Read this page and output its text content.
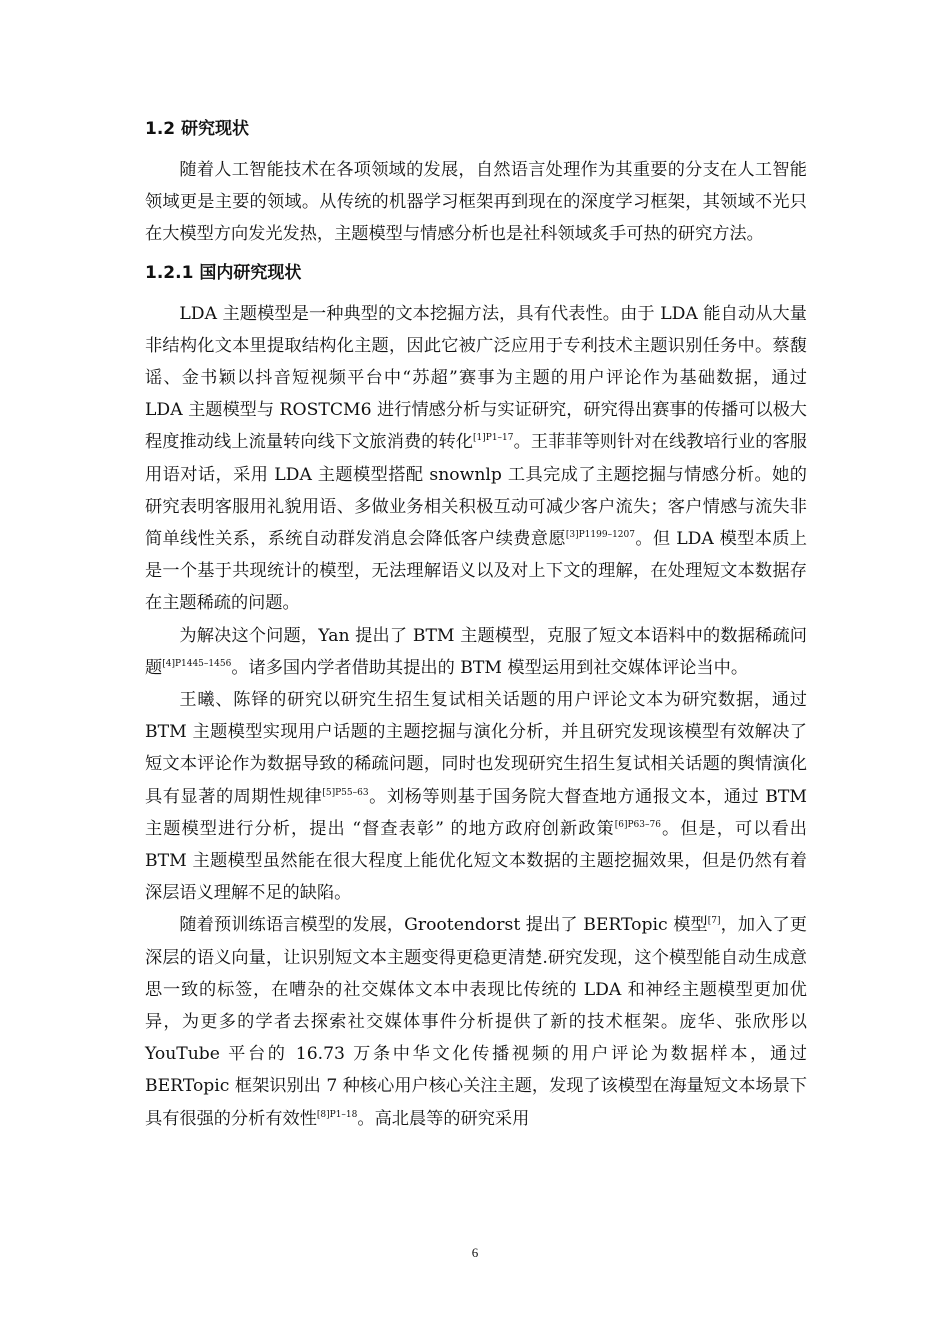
1.2 研究现状

随着人工智能技术在各项领域的发展，自然语言处理作为其重要的分支在人工智能领域更是主要的领域。从传统的机器学习框架再到现在的深度学习框架，其领域不光只在大模型方向发光发热，主题模型与情感分析也是社科领域炙手可热的研究方法。

1.2.1 国内研究现状

LDA 主题模型是一种典型的文本挖掘方法，具有代表性。由于 LDA 能自动从大量非结构化文本里提取结构化主题，因此它被广泛应用于专利技术主题识别任务中。蔡馥谣、金书颖以抖音短视频平台中“苏超”赛事为主题的用户评论作为基础数据，通过 LDA 主题模型与 ROSTCM6 进行情感分析与实证研究，研究得出赛事的传播可以极大程度推动线上流量转向线下文旅消费的转化$^{[1]P1-17}$。王菲菲等则针对在线教培行业的客服用语对话，采用 LDA 主题模型搭配 snownlp 工具完成了主题挖掘与情感分析。她的研究表明客服用礼貌用语、多做业务相关积极互动可减少客户流失；客户情感与流失非简单线性关系，系统自动群发消息会降低客户续费意愿$^{[3]P1199-1207}$。但 LDA 模型本质上是一个基于共现统计的模型，无法理解语义以及对上下文的理解，在处理短文本数据存在主题稀疏的问题。

为解决这个问题，Yan 提出了 BTM 主题模型，克服了短文本语料中的数据稀疏问题$^{[4]P1445-1456}$。诸多国内学者借助其提出的 BTM 模型运用到社交媒体评论当中。

王曦、陈铎的研究以研究生招生复试相关话题的用户评论文本为研究数据，通过 BTM 主题模型实现用户话题的主题挖掘与演化分析，并且研究发现该模型有效解决了短文本评论作为数据导致的稀疏问题，同时也发现研究生招生复试相关话题的舆情演化具有显著的周期性规律$^{[5]P55-63}$。刘杨等则基于国务院大督查地方通报文本，通过 BTM 主题模型进行分析，提出 “督查表彰” 的地方政府创新政策$^{[6]P63-76}$。但是，可以看出 BTM 主题模型虽然能在很大程度上能优化短文本数据的主题挖掘效果，但是仍然有着深层语义理解不足的缺陷。

随着预训练语言模型的发展，Grootendorst 提出了 BERTopic 模型[7]，加入了更深层的语义向量，让识别短文本主题变得更稳更清楚.研究发现，这个模型能自动生成意思一致的标签，在嘈杂的社交媒体文本中表现比传统的 LDA 和神经主题模型更加优异，为更多的学者去探索社交媒体事件分析提供了新的技术框架。庞华、张欣彤以 YouTube 平台的 16.73 万条中华文化传播视频的用户评论为数据样本，通过 BERTopic 框架识别出 7 种核心用户核心关注主题，发现了该模型在海量短文本场景下具有很强的分析有效性$^{[8]P1-18}$。高北晨等的研究采用

6
